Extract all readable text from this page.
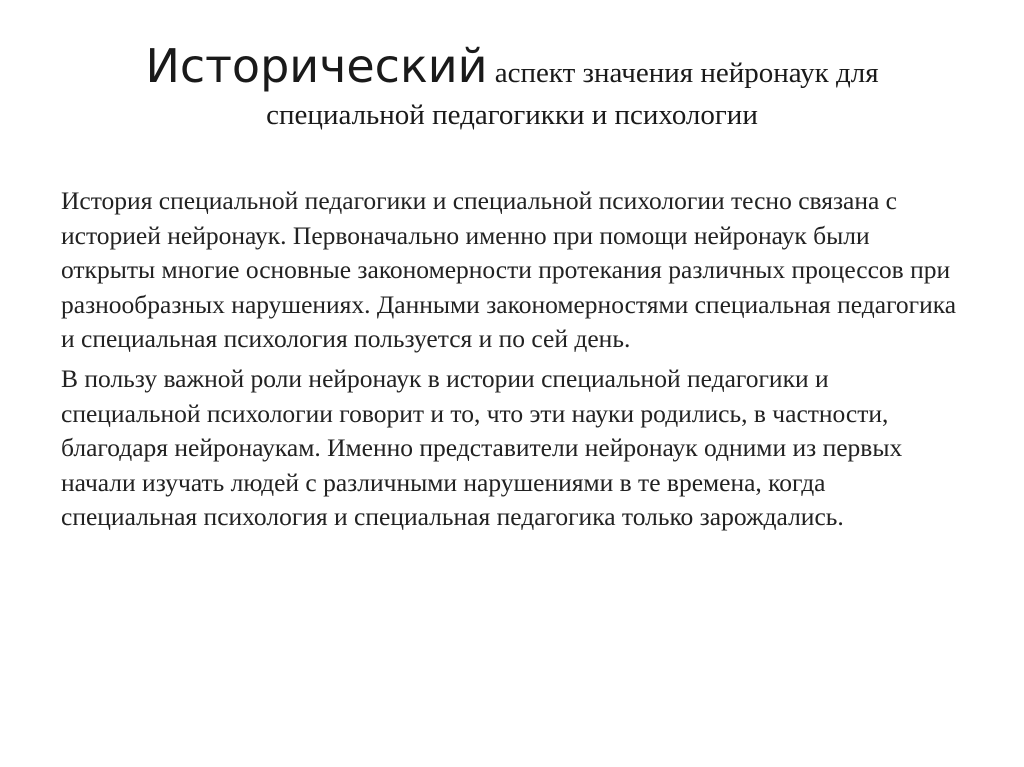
Исторический аспект значения нейронаук для
специальной педагогикки и психологии

История специальной педагогики и специальной психологии тесно связана с историей нейронаук. Первоначально именно при помощи нейронаук были открыты многие основные закономерности протекания различных процессов при разнообразных нарушениях. Данными закономерностями специальная педагогика и специальная психология пользуется и по сей день.

В пользу важной роли нейронаук в истории специальной педагогики и специальной психологии говорит и то, что эти науки родились, в частности, благодаря нейронаукам. Именно представители нейронаук одними из первых начали изучать людей с различными нарушениями в те времена, когда специальная психология и специальная педагогика только зарождались.
